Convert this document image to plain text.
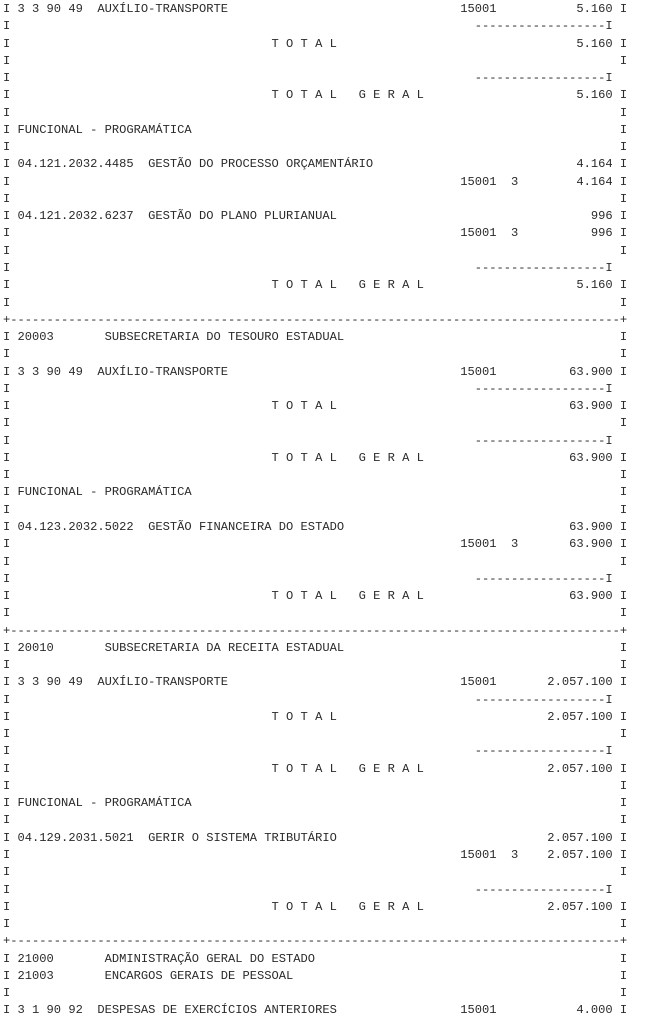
I 3 3 90 49  AUXÍLIO-TRANSPORTE                                15001           5.160 I
I                                                                ------------------I
I                                    T O T A L                                 5.160 I
I                                                                                    I
I                                                                ------------------I
I                                    T O T A L   G E R A L                     5.160 I
I                                                                                    I
I FUNCIONAL - PROGRAMÁTICA                                                           I
I                                                                                    I
I 04.121.2032.4485  GESTÃO DO PROCESSO ORÇAMENTÁRIO                            4.164 I
I                                                              15001  3        4.164 I
I                                                                                    I
I 04.121.2032.6237  GESTÃO DO PLANO PLURIANUAL                                   996 I
I                                                              15001  3          996 I
I                                                                                    I
I                                                                ------------------I
I                                    T O T A L   G E R A L                     5.160 I
I                                                                                    I
+------------------------------------------------------------------------------------+
I 20003       SUBSECRETARIA DO TESOURO ESTADUAL                                      I
I                                                                                    I
I 3 3 90 49  AUXÍLIO-TRANSPORTE                                15001          63.900 I
I                                                                ------------------I
I                                    T O T A L                                63.900 I
I                                                                                    I
I                                                                ------------------I
I                                    T O T A L   G E R A L                    63.900 I
I                                                                                    I
I FUNCIONAL - PROGRAMÁTICA                                                           I
I                                                                                    I
I 04.123.2032.5022  GESTÃO FINANCEIRA DO ESTADO                               63.900 I
I                                                              15001  3       63.900 I
I                                                                                    I
I                                                                ------------------I
I                                    T O T A L   G E R A L                    63.900 I
I                                                                                    I
+------------------------------------------------------------------------------------+
I 20010       SUBSECRETARIA DA RECEITA ESTADUAL                                      I
I                                                                                    I
I 3 3 90 49  AUXÍLIO-TRANSPORTE                                15001       2.057.100 I
I                                                                ------------------I
I                                    T O T A L                             2.057.100 I
I                                                                                    I
I                                                                ------------------I
I                                    T O T A L   G E R A L                 2.057.100 I
I                                                                                    I
I FUNCIONAL - PROGRAMÁTICA                                                           I
I                                                                                    I
I 04.129.2031.5021  GERIR O SISTEMA TRIBUTÁRIO                             2.057.100 I
I                                                              15001  3    2.057.100 I
I                                                                                    I
I                                                                ------------------I
I                                    T O T A L   G E R A L                 2.057.100 I
I                                                                                    I
+------------------------------------------------------------------------------------+
I 21000       ADMINISTRAÇÃO GERAL DO ESTADO                                          I
I 21003       ENCARGOS GERAIS DE PESSOAL                                             I
I                                                                                    I
I 3 1 90 92  DESPESAS DE EXERCÍCIOS ANTERIORES                 15001           4.000 I
